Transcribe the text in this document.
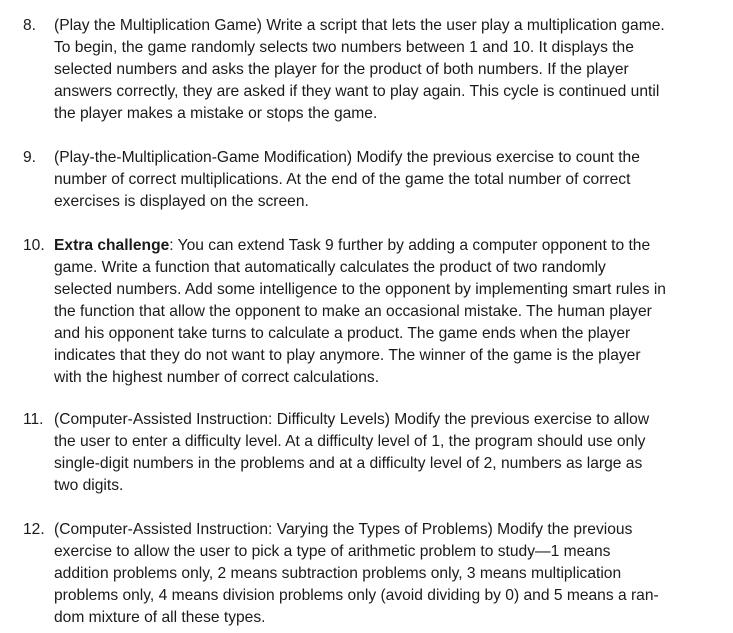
8.	(Play the Multiplication Game) Write a script that lets the user play a multiplication game.
To begin, the game randomly selects two numbers between 1 and 10. It displays the
selected numbers and asks the player for the product of both numbers. If the player
answers correctly, they are asked if they want to play again. This cycle is continued until
the player makes a mistake or stops the game.
9.	(Play-the-Multiplication-Game Modification) Modify the previous exercise to count the
number of correct multiplications. At the end of the game the total number of correct
exercises is displayed on the screen.
10. Extra challenge: You can extend Task 9 further by adding a computer opponent to the
game. Write a function that automatically calculates the product of two randomly
selected numbers. Add some intelligence to the opponent by implementing smart rules in
the function that allow the opponent to make an occasional mistake. The human player
and his opponent take turns to calculate a product. The game ends when the player
indicates that they do not want to play anymore. The winner of the game is the player
with the highest number of correct calculations.
11. (Computer-Assisted Instruction: Difficulty Levels) Modify the previous exercise to allow
the user to enter a difficulty level. At a difficulty level of 1, the program should use only
single-digit numbers in the problems and at a difficulty level of 2, numbers as large as
two digits.
12. (Computer-Assisted Instruction: Varying the Types of Problems) Modify the previous
exercise to allow the user to pick a type of arithmetic problem to study—1 means
addition problems only, 2 means subtraction problems only, 3 means multiplication
problems only, 4 means division problems only (avoid dividing by 0) and 5 means a ran-
dom mixture of all these types.
